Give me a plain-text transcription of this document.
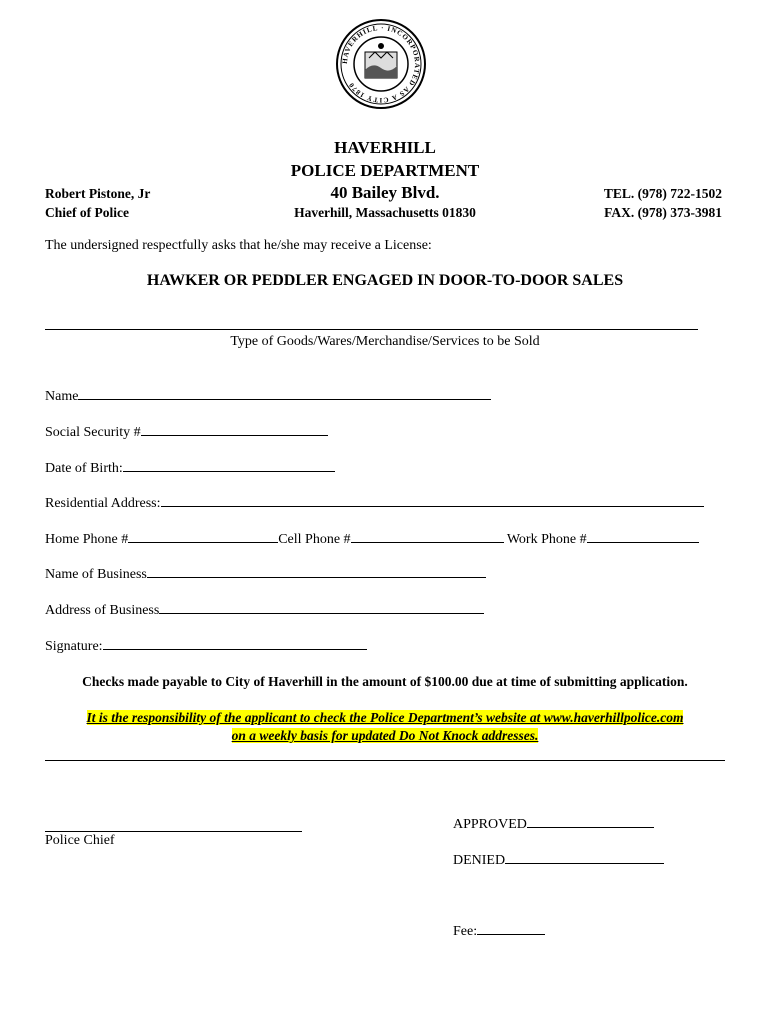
HAVERHILL · INCORPORATED AS A CITY 1870
HAVERHILL
POLICE DEPARTMENT
40 Bailey Blvd.
Haverhill, Massachusetts 01830
Robert Pistone, Jr
Chief of Police
TEL. (978) 722-1502
FAX. (978) 373-3981
The undersigned respectfully asks that he/she may receive a License:
HAWKER OR PEDDLER ENGAGED IN DOOR-TO-DOOR SALES
Type of Goods/Wares/Merchandise/Services to be Sold
Name
Social Security #
Date of Birth:
Residential Address:
Home Phone #	Cell Phone #	Work Phone #
Name of Business
Address of Business
Signature:
Checks made payable to City of Haverhill in the amount of $100.00 due at time of submitting application.
It is the responsibility of the applicant to check the Police Department’s website at www.haverhillpolice.com
on a weekly basis for updated Do Not Knock addresses.
Police Chief
APPROVED
DENIED
Fee:
